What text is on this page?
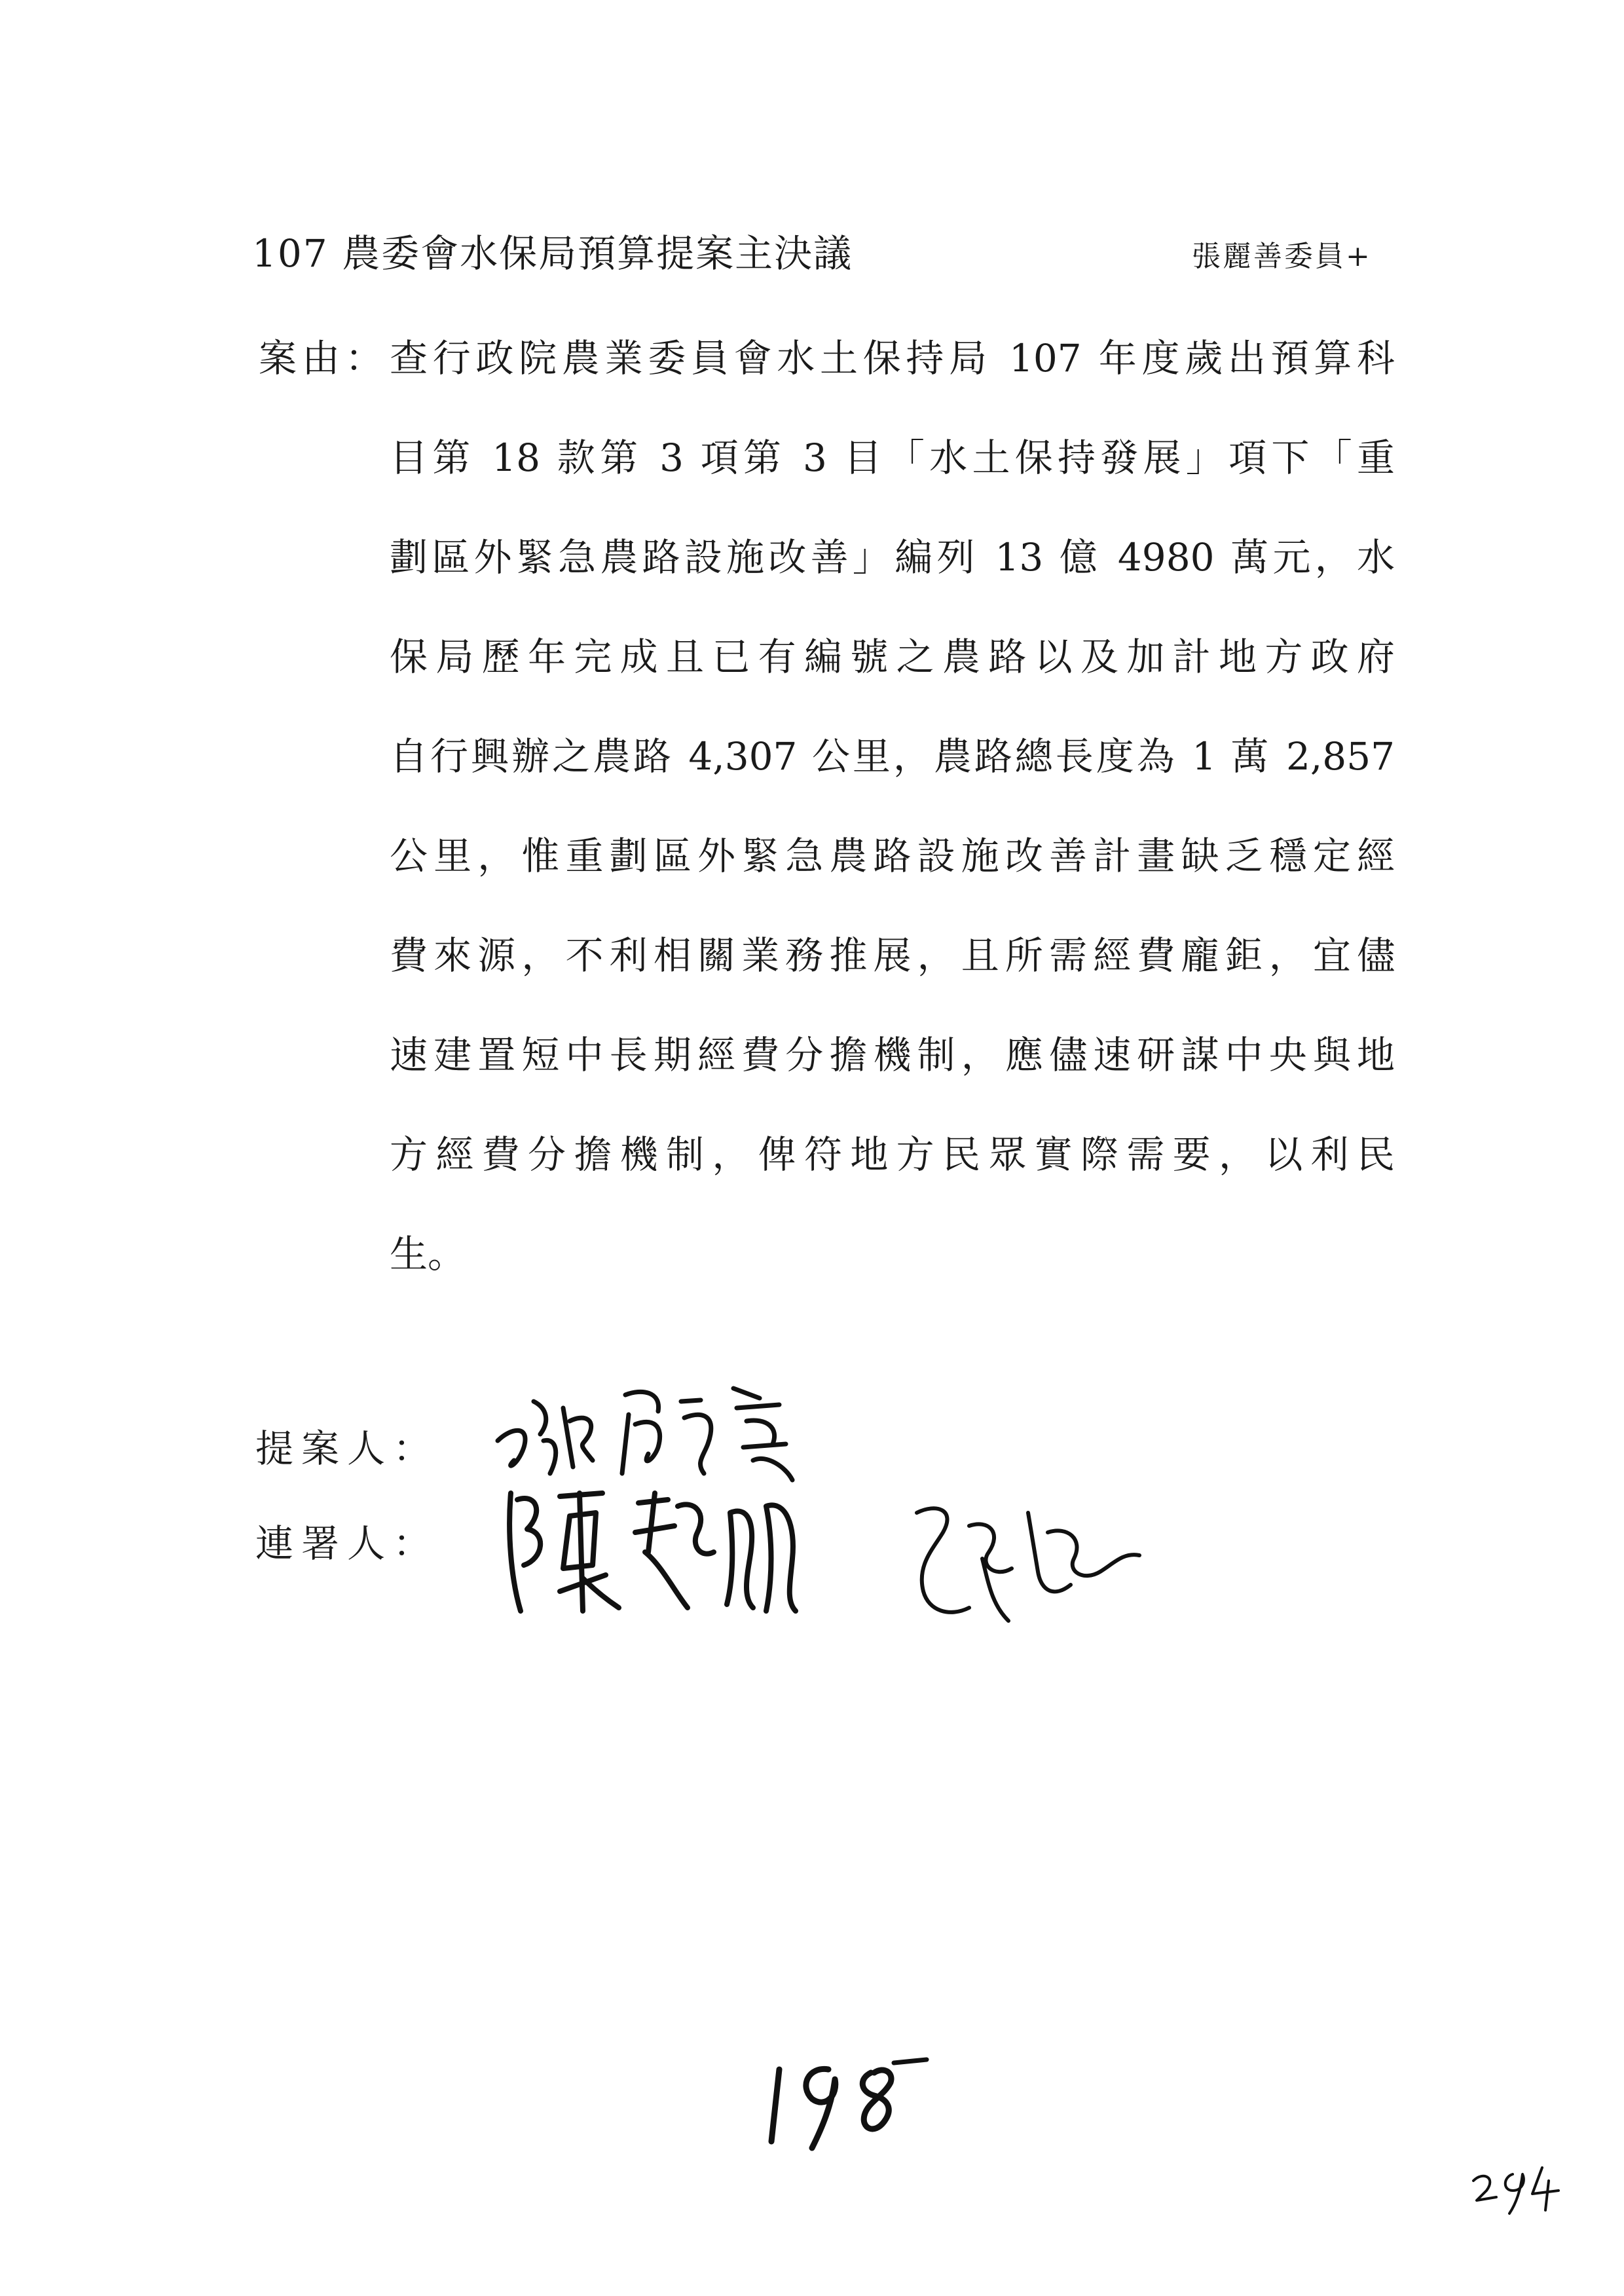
107 農委會水保局預算提案主決議	張麗善委員+
案由： 查行政院農業委員會水土保持局 107 年度歲出預算科
目第 18 款第 3 項第 3 目「水土保持發展」項下「重
劃區外緊急農路設施改善」編列 13 億 4980 萬元，水
保局歷年完成且已有編號之農路以及加計地方政府
自行興辦之農路 4,307 公里，農路總長度為 1 萬 2,857
公里，惟重劃區外緊急農路設施改善計畫缺乏穩定經
費來源，不利相關業務推展，且所需經費龐鉅，宜儘
速建置短中長期經費分擔機制，應儘速研謀中央與地
方經費分擔機制，俾符地方民眾實際需要，以利民
生。
提案人：
連署人：
